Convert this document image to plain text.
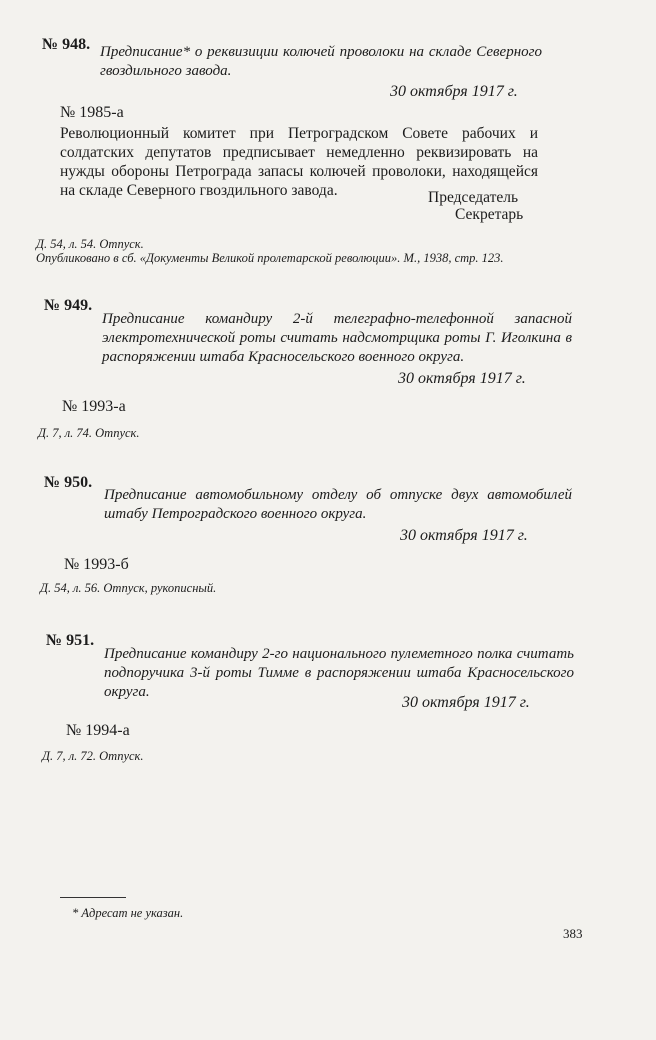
№ 948. Предписание* о реквизиции колючей проволоки на складе Северного гвоздильного завода.
30 октября 1917 г.
№ 1985-а
Революционный комитет при Петроградском Совете рабочих и солдатских депутатов предписывает немедленно реквизировать на нужды обороны Петрограда запасы колючей проволоки, находящейся на складе Северного гвоздильного завода.	Председатель
Секретарь
Д. 54, л. 54. Отпуск.
Опубликовано в сб. «Документы Великой пролетарской революции». М., 1938, стр. 123.
№ 949.
Предписание командиру 2-й телеграфно-телефонной запасной электротехнической роты считать надсмотрщика роты Г. Иголкина в распоряжении штаба Красносельского военного округа.
30 октября 1917 г.
№ 1993-а
Д. 7, л. 74. Отпуск.
№ 950.
Предписание автомобильному отделу об отпуске двух автомобилей штабу Петроградского военного округа.
30 октября 1917 г.
№ 1993-б
Д. 54, л. 56. Отпуск, рукописный.
№ 951.
Предписание командиру 2-го национального пулеметного полка считать подпоручика 3-й роты Тимме в распоряжении штаба Красносельского округа.
30 октября 1917 г.
№ 1994-а
Д. 7, л. 72. Отпуск.
* Адресат не указан.
383
